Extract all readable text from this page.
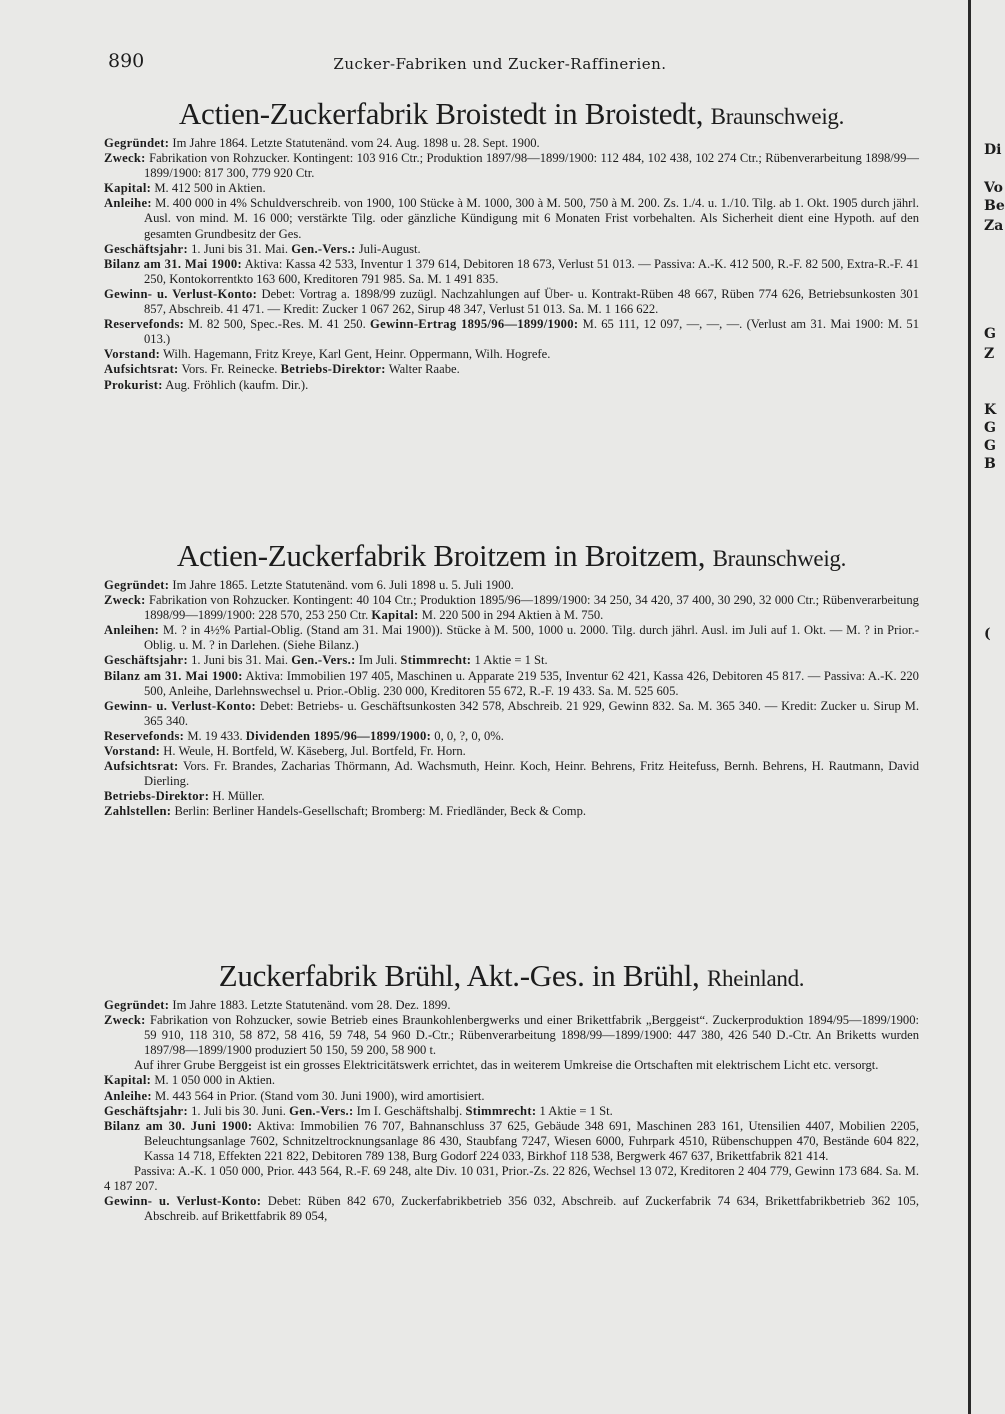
890	Zucker-Fabriken und Zucker-Raffinerien.
Di
Vo
Be
Za
G
Z
K
G
G
B
(
Actien-Zuckerfabrik Broistedt in Broistedt, Braunschweig.

Gegründet: Im Jahre 1864. Letzte Statutenänd. vom 24. Aug. 1898 u. 28. Sept. 1900.

Zweck: Fabrikation von Rohzucker. Kontingent: 103 916 Ctr.; Produktion 1897/98—1899/1900: 112 484, 102 438, 102 274 Ctr.; Rübenverarbeitung 1898/99—1899/1900: 817 300, 779 920 Ctr.

Kapital: M. 412 500 in Aktien.

Anleihe: M. 400 000 in 4% Schuldverschreib. von 1900, 100 Stücke à M. 1000, 300 à M. 500, 750 à M. 200. Zs. 1./4. u. 1./10. Tilg. ab 1. Okt. 1905 durch jährl. Ausl. von mind. M. 16 000; verstärkte Tilg. oder gänzliche Kündigung mit 6 Monaten Frist vorbehalten. Als Sicherheit dient eine Hypoth. auf den gesamten Grundbesitz der Ges.

Geschäftsjahr: 1. Juni bis 31. Mai. Gen.-Vers.: Juli-August.

Bilanz am 31. Mai 1900: Aktiva: Kassa 42 533, Inventur 1 379 614, Debitoren 18 673, Verlust 51 013. — Passiva: A.-K. 412 500, R.-F. 82 500, Extra-R.-F. 41 250, Kontokorrentkto 163 600, Kreditoren 791 985. Sa. M. 1 491 835.

Gewinn- u. Verlust-Konto: Debet: Vortrag a. 1898/99 zuzügl. Nachzahlungen auf Über- u. Kontrakt-Rüben 48 667, Rüben 774 626, Betriebsunkosten 301 857, Abschreib. 41 471. — Kredit: Zucker 1 067 262, Sirup 48 347, Verlust 51 013. Sa. M. 1 166 622.

Reservefonds: M. 82 500, Spec.-Res. M. 41 250. Gewinn-Ertrag 1895/96—1899/1900: M. 65 111, 12 097, —, —, —. (Verlust am 31. Mai 1900: M. 51 013.)

Vorstand: Wilh. Hagemann, Fritz Kreye, Karl Gent, Heinr. Oppermann, Wilh. Hogrefe.

Aufsichtsrat: Vors. Fr. Reinecke. Betriebs-Direktor: Walter Raabe.

Prokurist: Aug. Fröhlich (kaufm. Dir.).

Actien-Zuckerfabrik Broitzem in Broitzem, Braunschweig.

Gegründet: Im Jahre 1865. Letzte Statutenänd. vom 6. Juli 1898 u. 5. Juli 1900.

Zweck: Fabrikation von Rohzucker. Kontingent: 40 104 Ctr.; Produktion 1895/96—1899/1900: 34 250, 34 420, 37 400, 30 290, 32 000 Ctr.; Rübenverarbeitung 1898/99—1899/1900: 228 570, 253 250 Ctr. Kapital: M. 220 500 in 294 Aktien à M. 750.

Anleihen: M. ? in 4½% Partial-Oblig. (Stand am 31. Mai 1900)). Stücke à M. 500, 1000 u. 2000. Tilg. durch jährl. Ausl. im Juli auf 1. Okt. — M. ? in Prior.-Oblig. u. M. ? in Darlehen. (Siehe Bilanz.)

Geschäftsjahr: 1. Juni bis 31. Mai. Gen.-Vers.: Im Juli. Stimmrecht: 1 Aktie = 1 St.

Bilanz am 31. Mai 1900: Aktiva: Immobilien 197 405, Maschinen u. Apparate 219 535, Inventur 62 421, Kassa 426, Debitoren 45 817. — Passiva: A.-K. 220 500, Anleihe, Darlehnswechsel u. Prior.-Oblig. 230 000, Kreditoren 55 672, R.-F. 19 433. Sa. M. 525 605.

Gewinn- u. Verlust-Konto: Debet: Betriebs- u. Geschäftsunkosten 342 578, Abschreib. 21 929, Gewinn 832. Sa. M. 365 340. — Kredit: Zucker u. Sirup M. 365 340.

Reservefonds: M. 19 433. Dividenden 1895/96—1899/1900: 0, 0, ?, 0, 0%.

Vorstand: H. Weule, H. Bortfeld, W. Käseberg, Jul. Bortfeld, Fr. Horn.

Aufsichtsrat: Vors. Fr. Brandes, Zacharias Thörmann, Ad. Wachsmuth, Heinr. Koch, Heinr. Behrens, Fritz Heitefuss, Bernh. Behrens, H. Rautmann, David Dierling.

Betriebs-Direktor: H. Müller.

Zahlstellen: Berlin: Berliner Handels-Gesellschaft; Bromberg: M. Friedländer, Beck & Comp.

Zuckerfabrik Brühl, Akt.-Ges. in Brühl, Rheinland.

Gegründet: Im Jahre 1883. Letzte Statutenänd. vom 28. Dez. 1899.

Zweck: Fabrikation von Rohzucker, sowie Betrieb eines Braunkohlenbergwerks und einer Brikettfabrik „Berggeist“. Zuckerproduktion 1894/95—1899/1900: 59 910, 118 310, 58 872, 58 416, 59 748, 54 960 D.-Ctr.; Rübenverarbeitung 1898/99—1899/1900: 447 380, 426 540 D.-Ctr. An Briketts wurden 1897/98—1899/1900 produziert 50 150, 59 200, 58 900 t.

Auf ihrer Grube Berggeist ist ein grosses Elektricitätswerk errichtet, das in weiterem Umkreise die Ortschaften mit elektrischem Licht etc. versorgt.

Kapital: M. 1 050 000 in Aktien.

Anleihe: M. 443 564 in Prior. (Stand vom 30. Juni 1900), wird amortisiert.

Geschäftsjahr: 1. Juli bis 30. Juni. Gen.-Vers.: Im I. Geschäftshalbj. Stimmrecht: 1 Aktie = 1 St.

Bilanz am 30. Juni 1900: Aktiva: Immobilien 76 707, Bahnanschluss 37 625, Gebäude 348 691, Maschinen 283 161, Utensilien 4407, Mobilien 2205, Beleuchtungsanlage 7602, Schnitzeltrocknungsanlage 86 430, Staubfang 7247, Wiesen 6000, Fuhrpark 4510, Rübenschuppen 470, Bestände 604 822, Kassa 14 718, Effekten 221 822, Debitoren 789 138, Burg Godorf 224 033, Birkhof 118 538, Bergwerk 467 637, Brikettfabrik 821 414.

Passiva: A.-K. 1 050 000, Prior. 443 564, R.-F. 69 248, alte Div. 10 031, Prior.-Zs. 22 826, Wechsel 13 072, Kreditoren 2 404 779, Gewinn 173 684. Sa. M. 4 187 207.

Gewinn- u. Verlust-Konto: Debet: Rüben 842 670, Zuckerfabrikbetrieb 356 032, Abschreib. auf Zuckerfabrik 74 634, Brikettfabrikbetrieb 362 105, Abschreib. auf Brikettfabrik 89 054,
